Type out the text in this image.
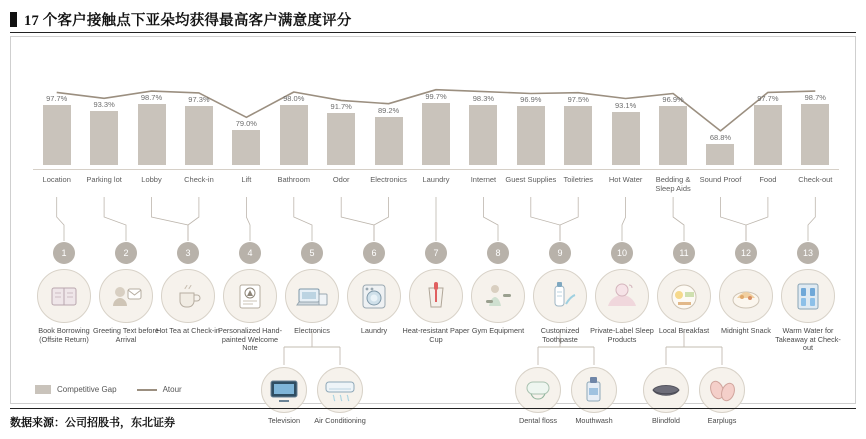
17 个客户接触点下亚朵均获得最高客户满意度评分
97.7%
93.3%
98.7%	97.3%
79.0%
98.0%
91.7%	89.2%
99.7%	98.3%	96.9%	97.5%
93.1%
96.9%
68.8%
97.7%	98.7%
Location	Parking lot	Lobby	Check-in	Lift	Bathroom	Odor	Electronics	Laundry	Internet	Guest Supplies Toiletries	Hot Water	Bedding & Sleep Aids
Sound Proof	Food	Check-out
1	2	3	4	5	6	7	8	9	10	11	12	13
Book Borrowing (Offsite Return)
Greeting Text before Arrival
Hot Tea at Check-in
Personalized Hand-painted Welcome Note
Electronics	Laundry	Heat-resistant Paper Cup
Gym Equipment	Customized Toothpaste
Private-Label Sleep Products
Local Breakfast	Midnight Snack	Warm Water for Takeaway at Check-out
Television	Air Conditioning	Dental floss	Mouthwash	Blindfold	Earplugs
Competitive Gap	Atour
数据来源：公司招股书，东北证券
